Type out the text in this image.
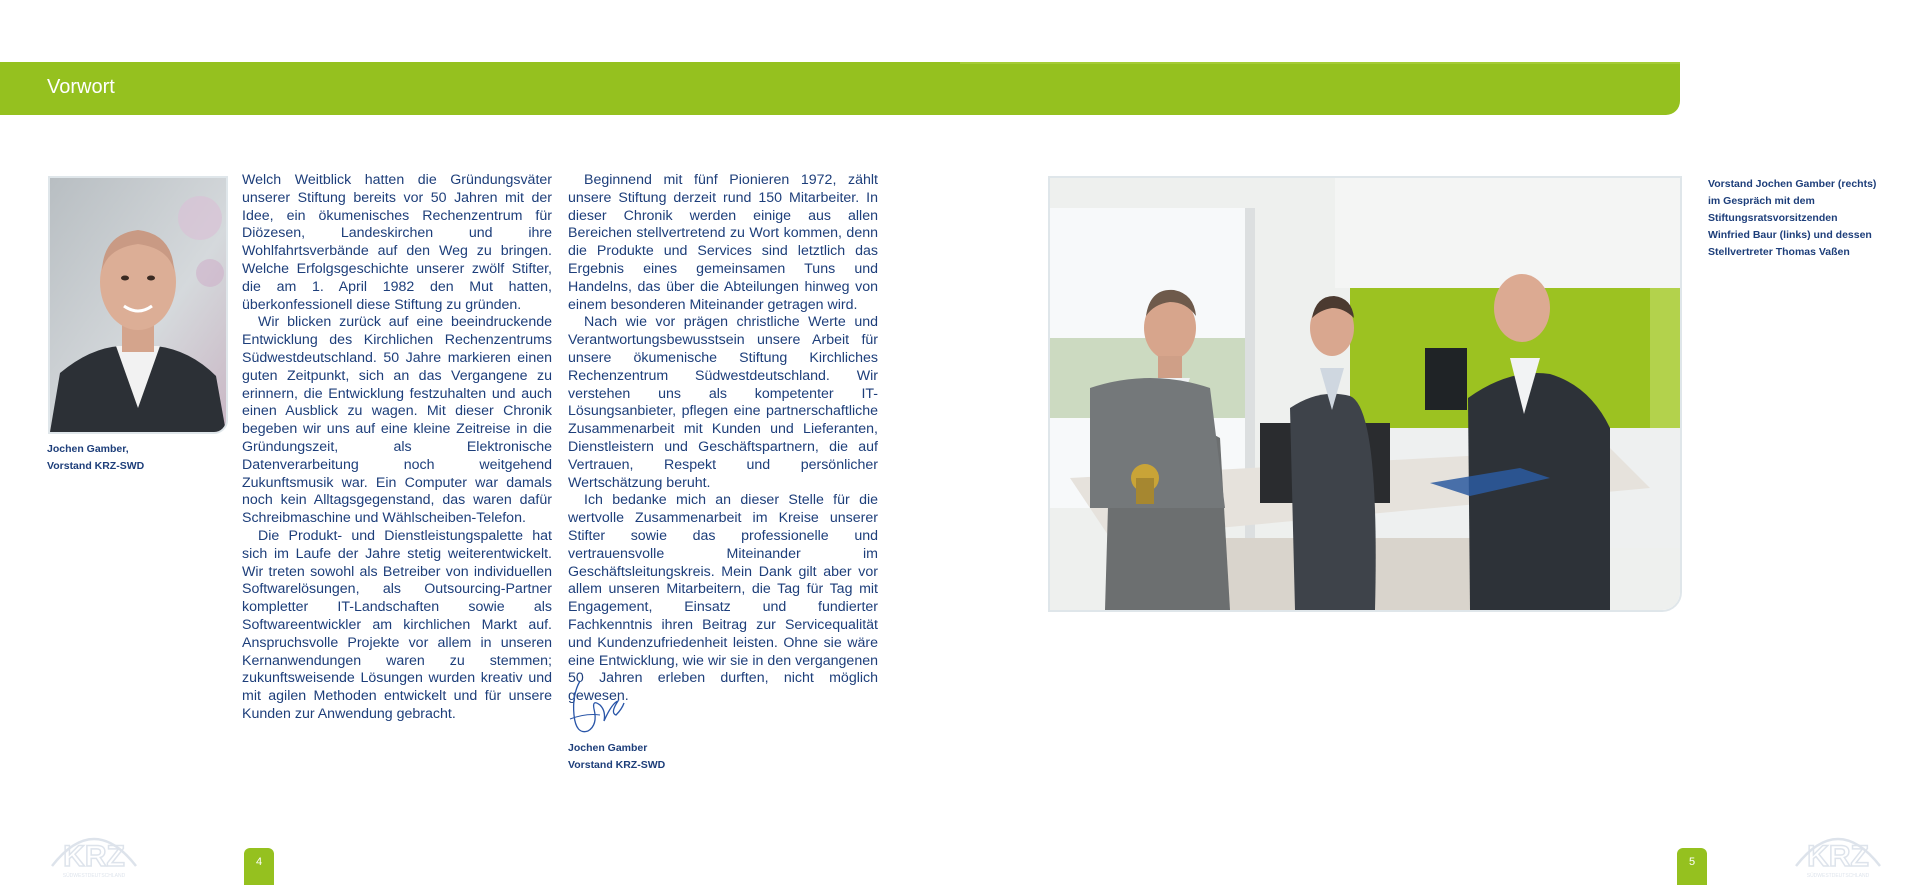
Vorwort
Jochen Gamber,
Vorstand KRZ-SWD

Welch Weitblick hatten die Gründungsväter unserer Stiftung bereits vor 50 Jahren mit der Idee, ein ökumenisches Rechenzentrum für Diözesen, Landeskirchen und ihre Wohlfahrtsverbände auf den Weg zu bringen. Welche Erfolgsgeschichte unserer zwölf Stifter, die am 1. April 1982 den Mut hatten, überkonfessionell diese Stiftung zu gründen.

Wir blicken zurück auf eine beeindruckende Entwicklung des Kirchlichen Rechenzentrums Südwestdeutschland. 50 Jahre markieren einen guten Zeitpunkt, sich an das Vergangene zu erinnern, die Entwicklung festzuhalten und auch einen Ausblick zu wagen. Mit dieser Chronik begeben wir uns auf eine kleine Zeitreise in die Gründungszeit, als Elektronische Datenverarbeitung noch weitgehend Zukunftsmusik war. Ein Computer war damals noch kein Alltagsgegenstand, das waren dafür Schreibmaschine und Wählscheiben-Telefon.

Die Produkt- und Dienstleistungspalette hat sich im Laufe der Jahre stetig weiterentwickelt. Wir treten sowohl als Betreiber von individuellen Softwarelösungen, als Outsourcing-Partner kompletter IT-Landschaften sowie als Softwareentwickler am kirchlichen Markt auf. Anspruchsvolle Projekte vor allem in unseren Kernanwendungen waren zu stemmen; zukunftsweisende Lösungen wurden kreativ und mit agilen Methoden entwickelt und für unsere Kunden zur Anwendung gebracht.

Beginnend mit fünf Pionieren 1972, zählt unsere Stiftung derzeit rund 150 Mitarbeiter. In dieser Chronik werden einige aus allen Bereichen stellvertretend zu Wort kommen, denn die Produkte und Services sind letztlich das Ergebnis eines gemeinsamen Tuns und Handelns, das über die Abteilungen hinweg von einem besonderen Miteinander getragen wird.

Nach wie vor prägen christliche Werte und Verantwortungsbewusstsein unsere Arbeit für unsere ökumenische Stiftung Kirchliches Rechenzentrum Südwestdeutschland. Wir verstehen uns als kompetenter IT-Lösungsanbieter, pflegen eine partnerschaftliche Zusammenarbeit mit Kunden und Lieferanten, Dienstleistern und Geschäftspartnern, die auf Vertrauen, Respekt und persönlicher Wertschätzung beruht.

Ich bedanke mich an dieser Stelle für die wertvolle Zusammenarbeit im Kreise unserer Stifter sowie das professionelle und vertrauensvolle Miteinander im Geschäftsleitungskreis. Mein Dank gilt aber vor allem unseren Mitarbeitern, die Tag für Tag mit Engagement, Einsatz und fundierter Fachkenntnis ihren Beitrag zur Servicequalität und Kundenzufriedenheit leisten. Ohne sie wäre eine Entwicklung, wie wir sie in den vergangenen 50 Jahren erleben durften, nicht möglich gewesen.

Jochen Gamber
Vorstand KRZ-SWD
Vorstand Jochen Gamber (rechts)
im Gespräch mit dem
Stiftungsratsvorsitzenden
Winfried Baur (links) und dessen
Stellvertreter Thomas Vaßen
4	5
KRZ
SÜDWESTDEUTSCHLAND
KRZ
SÜDWESTDEUTSCHLAND
